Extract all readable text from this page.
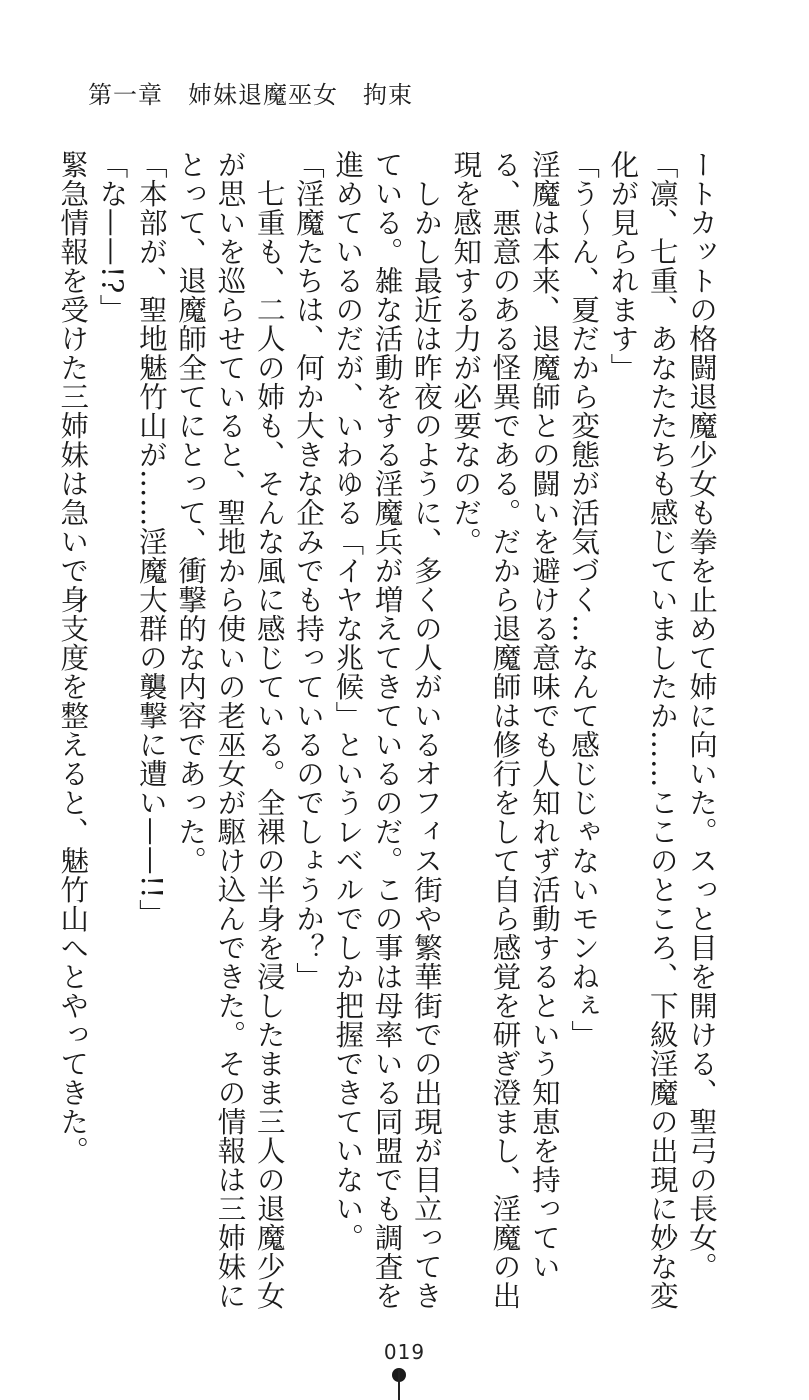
第一章　姉妹退魔巫女　拘束

ートカットの格闘退魔少女も拳を止めて姉に向いた。スっと目を開ける、聖弓の長女。

「凛、七重、あなたたちも感じていましたか……ここのところ、下級淫魔の出現に妙な変

化が見られます」

「う〜ん、夏だから変態が活気づく…なんて感じじゃないモンねぇ」

淫魔は本来、退魔師との闘いを避ける意味でも人知れず活動するという知恵を持ってい

る、悪意のある怪異である。だから退魔師は修行をして自ら感覚を研ぎ澄まし、淫魔の出

現を感知する力が必要なのだ。

しかし最近は昨夜のように、多くの人がいるオフィス街や繁華街での出現が目立ってき

ている。雑な活動をする淫魔兵が増えてきているのだ。この事は母率いる同盟でも調査を

進めているのだが、いわゆる「イヤな兆候」というレベルでしか把握できていない。

「淫魔たちは、何か大きな企みでも持っているのでしょうか？」

七重も、二人の姉も、そんな風に感じている。全裸の半身を浸したまま三人の退魔少女

が思いを巡らせていると、聖地から使いの老巫女が駆け込んできた。その情報は三姉妹に

とって、退魔師全てにとって、衝撃的な内容であった。

「本部が、聖地魅竹山が……淫魔大群の襲撃に遭い——!!」

「な——!?」

緊急情報を受けた三姉妹は急いで身支度を整えると、魅竹山へとやってきた。

019
